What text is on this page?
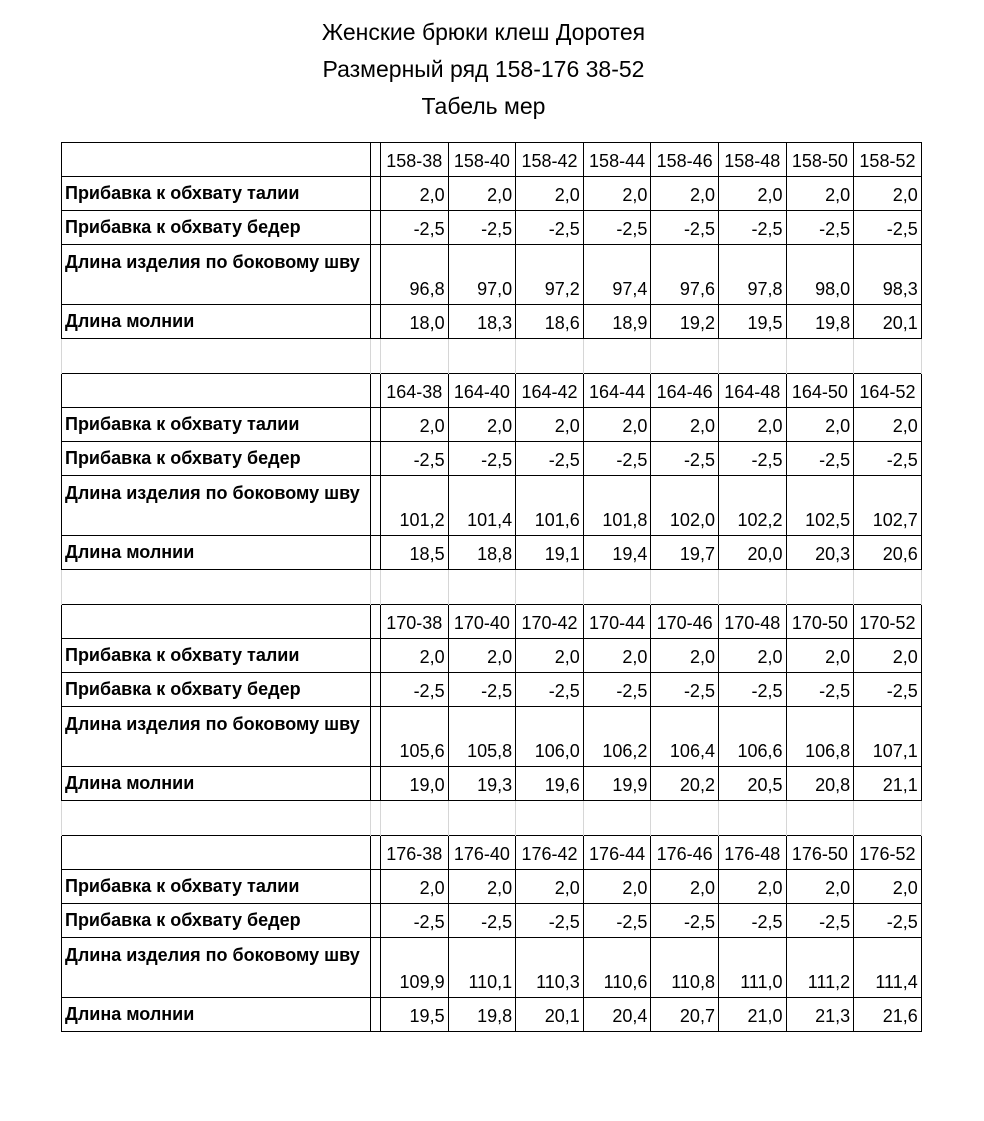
Женские брюки клеш Доротея
Размерный ряд 158-176 38-52
Табель мер
		158-38	158-40	158-42	158-44	158-46	158-48	158-50	158-52
Прибавка к обхвату талии		2,0	2,0	2,0	2,0	2,0	2,0	2,0	2,0
Прибавка к обхвату бедер		-2,5	-2,5	-2,5	-2,5	-2,5	-2,5	-2,5	-2,5
Длина изделия по боковому шву		96,8	97,0	97,2	97,4	97,6	97,8	98,0	98,3
Длина молнии		18,0	18,3	18,6	18,9	19,2	19,5	19,8	20,1

		164-38	164-40	164-42	164-44	164-46	164-48	164-50	164-52
Прибавка к обхвату талии		2,0	2,0	2,0	2,0	2,0	2,0	2,0	2,0
Прибавка к обхвату бедер		-2,5	-2,5	-2,5	-2,5	-2,5	-2,5	-2,5	-2,5
Длина изделия по боковому шву		101,2	101,4	101,6	101,8	102,0	102,2	102,5	102,7
Длина молнии		18,5	18,8	19,1	19,4	19,7	20,0	20,3	20,6

		170-38	170-40	170-42	170-44	170-46	170-48	170-50	170-52
Прибавка к обхвату талии		2,0	2,0	2,0	2,0	2,0	2,0	2,0	2,0
Прибавка к обхвату бедер		-2,5	-2,5	-2,5	-2,5	-2,5	-2,5	-2,5	-2,5
Длина изделия по боковому шву		105,6	105,8	106,0	106,2	106,4	106,6	106,8	107,1
Длина молнии		19,0	19,3	19,6	19,9	20,2	20,5	20,8	21,1

		176-38	176-40	176-42	176-44	176-46	176-48	176-50	176-52
Прибавка к обхвату талии		2,0	2,0	2,0	2,0	2,0	2,0	2,0	2,0
Прибавка к обхвату бедер		-2,5	-2,5	-2,5	-2,5	-2,5	-2,5	-2,5	-2,5
Длина изделия по боковому шву		109,9	110,1	110,3	110,6	110,8	111,0	111,2	111,4
Длина молнии		19,5	19,8	20,1	20,4	20,7	21,0	21,3	21,6
